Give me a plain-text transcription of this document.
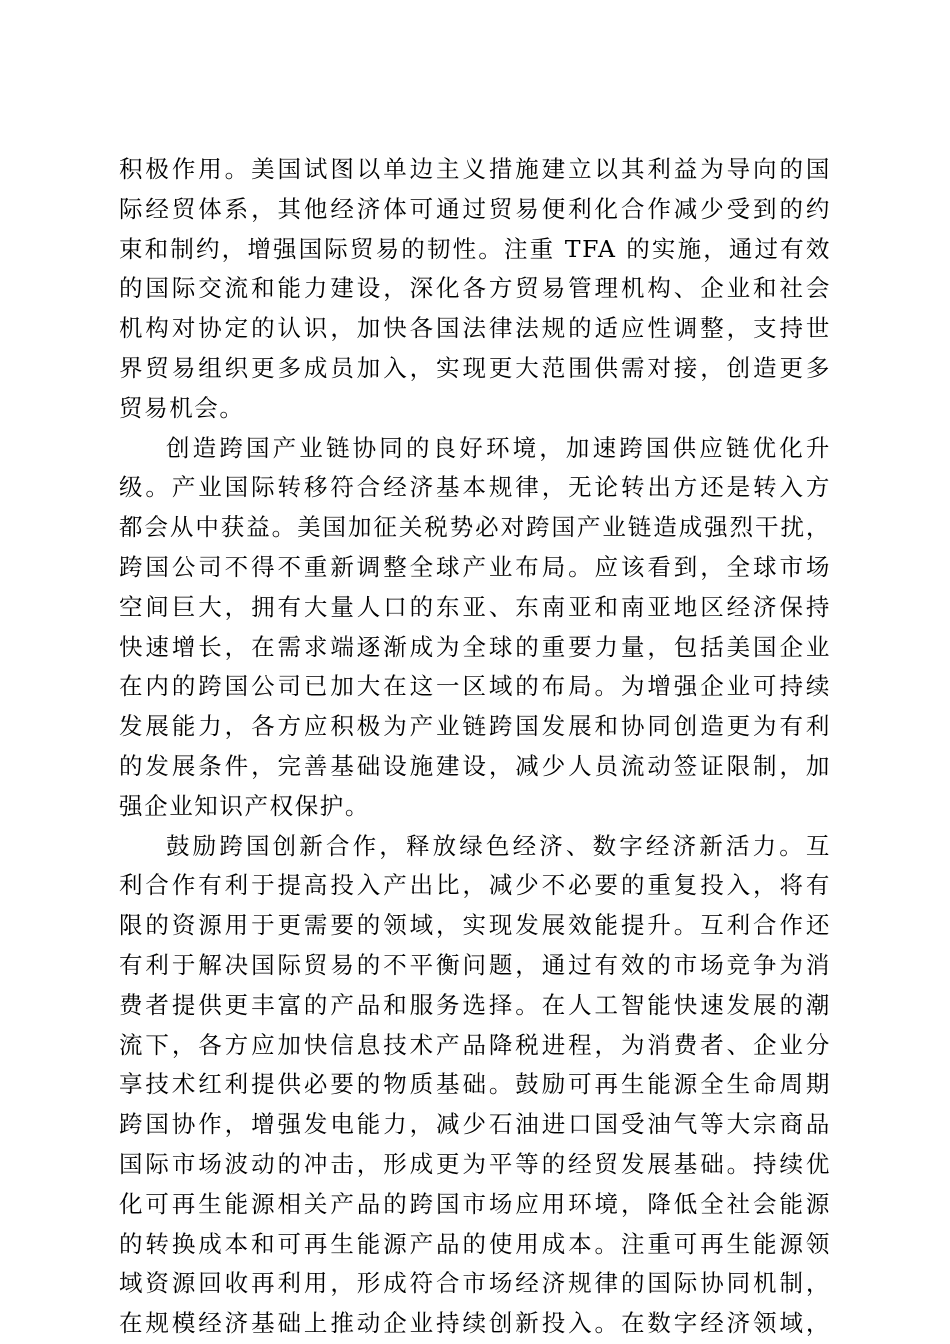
积极作用。美国试图以单边主义措施建立以其利益为导向的国
际经贸体系，其他经济体可通过贸易便利化合作减少受到的约
束和制约，增强国际贸易的韧性。注重 TFA 的实施，通过有效
的国际交流和能力建设，深化各方贸易管理机构、企业和社会
机构对协定的认识，加快各国法律法规的适应性调整，支持世
界贸易组织更多成员加入，实现更大范围供需对接，创造更多
贸易机会。
创造跨国产业链协同的良好环境，加速跨国供应链优化升
级。产业国际转移符合经济基本规律，无论转出方还是转入方
都会从中获益。美国加征关税势必对跨国产业链造成强烈干扰，
跨国公司不得不重新调整全球产业布局。应该看到，全球市场
空间巨大，拥有大量人口的东亚、东南亚和南亚地区经济保持
快速增长，在需求端逐渐成为全球的重要力量，包括美国企业
在内的跨国公司已加大在这一区域的布局。为增强企业可持续
发展能力，各方应积极为产业链跨国发展和协同创造更为有利
的发展条件，完善基础设施建设，减少人员流动签证限制，加
强企业知识产权保护。
鼓励跨国创新合作，释放绿色经济、数字经济新活力。互
利合作有利于提高投入产出比，减少不必要的重复投入，将有
限的资源用于更需要的领域，实现发展效能提升。互利合作还
有利于解决国际贸易的不平衡问题，通过有效的市场竞争为消
费者提供更丰富的产品和服务选择。在人工智能快速发展的潮
流下，各方应加快信息技术产品降税进程，为消费者、企业分
享技术红利提供必要的物质基础。鼓励可再生能源全生命周期
跨国协作，增强发电能力，减少石油进口国受油气等大宗商品
国际市场波动的冲击，形成更为平等的经贸发展基础。持续优
化可再生能源相关产品的跨国市场应用环境，降低全社会能源
的转换成本和可再生能源产品的使用成本。注重可再生能源领
域资源回收再利用，形成符合市场经济规律的国际协同机制，
在规模经济基础上推动企业持续创新投入。在数字经济领域，
